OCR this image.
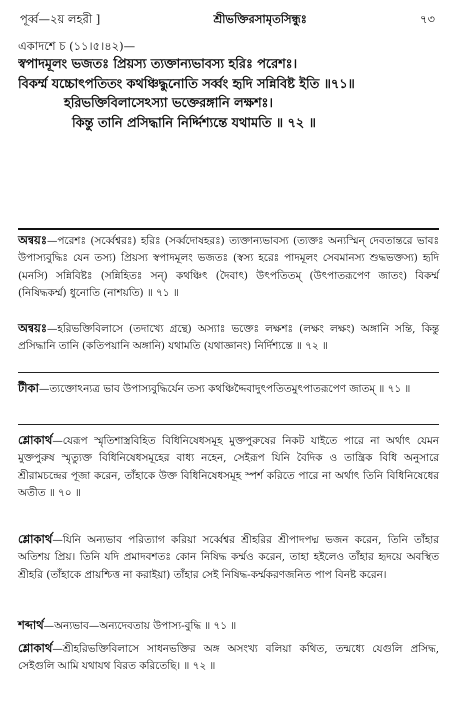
পূর্ব্ব—২য় লহরী ]	শ্রীভক্তিরসামৃতসিন্ধুঃ	৭৩
একাদশে চ (১১।৫।৪২)—
স্বপাদমূলং ভজতঃ প্রিয়স্য ত্যক্তান্যভাবস্য হরিঃ পরেশঃ।
বিকর্ম্ম যচ্চোৎপতিতং কথঞ্চিদ্ধুনোতি সর্ব্বং হৃদি সন্নিবিষ্ট ইতি ॥৭১॥
হরিভক্তিবিলাসেঽস্যা ভক্তেরঙ্গানি লক্ষশঃ।
কিন্তু তানি প্রসিদ্ধানি নির্দ্দিশ্যন্তে যথামতি ॥ ৭২ ॥
অন্বয়ঃ—পরেশঃ (সর্ব্বেশ্বরঃ) হরিঃ (সর্ব্বদোষহরঃ) ত্যক্তান্যভাবস্য (ত্যক্তঃ অন্যস্মিন্ দেবতান্তরে ভাবঃ উপাস্যবুদ্ধিঃ যেন তস্য) প্রিয়স্য স্বপাদমূলং ভজতঃ (স্বস্য হরেঃ পাদমূলং সেবমানস্য শুদ্ধভক্তস্য) হৃদি (মনসি) সন্নিবিষ্টঃ (সন্নিহিতঃ সন্) কথঞ্চিৎ (দৈবাৎ) উৎপতিতম্ (উৎপাতরূপেণ জাতং) বিকর্ম্ম (নিষিদ্ধকর্ম্ম) ধুনোতি (নাশয়তি) ॥ ৭১ ॥
অন্বয়ঃ—হরিভক্তিবিলাসে (তদাখ্যে গ্রন্থে) অস্যাঃ ভক্তেঃ লক্ষশঃ (লক্ষং লক্ষং) অঙ্গানি সন্তি, কিন্তু প্রসিদ্ধানি তানি (কতিপয়ানি অঙ্গানি) যথামতি (যথাজ্ঞানং) নির্দিশ্যন্তে ॥ ৭২ ॥
টীকা—ত্যক্তোঽন্যত্র ভাব উপাস্যবুদ্ধির্যেন তস্য কথঞ্চিদ্দৈবাদুৎপতিতমুৎপাতরূপেণ জাতম্ ॥ ৭১ ॥
শ্লোকার্থ—যেরূপ স্মৃতিশাস্ত্রবিহিত বিধিনিষেধসমূহ মুক্তপুরুষের নিকট যাইতে পারে না অর্থাৎ যেমন মুক্তপুরুষ স্মৃত্যুক্ত বিধিনিষেধসমূহের বাধ্য নহেন, সেইরূপ যিনি বৈদিক ও তান্ত্রিক বিধি অনুসারে শ্রীরামচন্দ্রের পূজা করেন, তাঁহাকে উক্ত বিধিনিষেধসমূহ স্পর্শ করিতে পারে না অর্থাৎ তিনি বিধিনিষেধের অতীত ॥ ৭০ ॥
শ্লোকার্থ—যিনি অন্যভাব পরিত্যাগ করিয়া সর্ব্বেশ্বর শ্রীহরির শ্রীপাদপদ্ম ভজন করেন, তিনি তাঁহার অতিশয় প্রিয়। তিনি যদি প্রমাদবশতঃ কোন নিষিদ্ধ কর্ম্মও করেন, তাহা হইলেও তাঁহার হৃদয়ে অবস্থিত শ্রীহরি (তাঁহাকে প্রায়শ্চিত্ত না করাইয়া) তাঁহার সেই নিষিদ্ধ-কর্ম্মকরণজনিত পাপ বিনষ্ট করেন।
শব্দার্থ—অন্যভাব—অন্যদেবতায় উপাস্য-বুদ্ধি ॥ ৭১ ॥
শ্লোকার্থ—শ্রীহরিভক্তিবিলাসে সাধনভক্তির অঙ্গ অসংখ্য বলিয়া কথিত, তন্মধ্যে যেগুলি প্রসিদ্ধ, সেইগুলি আমি যথাযথ বিরত করিতেছি। ॥ ৭২ ॥
